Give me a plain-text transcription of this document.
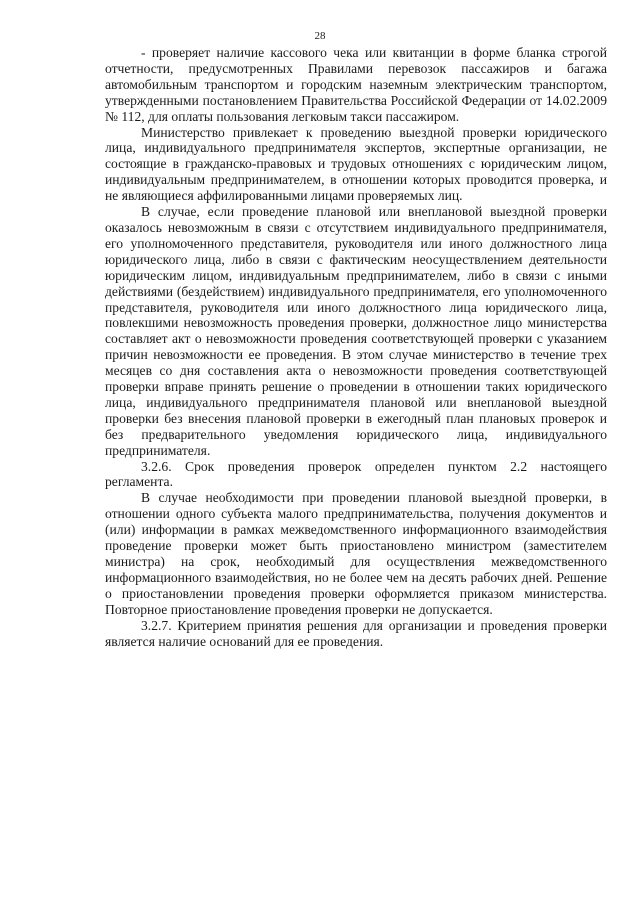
28

- проверяет наличие кассового чека или квитанции в форме бланка строгой отчетности, предусмотренных Правилами перевозок пассажиров и багажа автомобильным транспортом и городским наземным электрическим транспортом, утвержденными постановлением Правительства Российской Федерации от 14.02.2009 № 112, для оплаты пользования легковым такси пассажиром.

Министерство привлекает к проведению выездной проверки юридического лица, индивидуального предпринимателя экспертов, экспертные организации, не состоящие в гражданско-правовых и трудовых отношениях с юридическим лицом, индивидуальным предпринимателем, в отношении которых проводится проверка, и не являющиеся аффилированными лицами проверяемых лиц.

В случае, если проведение плановой или внеплановой выездной проверки оказалось невозможным в связи с отсутствием индивидуального предпринимателя, его уполномоченного представителя, руководителя или иного должностного лица юридического лица, либо в связи с фактическим неосуществлением деятельности юридическим лицом, индивидуальным предпринимателем, либо в связи с иными действиями (бездействием) индивидуального предпринимателя, его уполномоченного представителя, руководителя или иного должностного лица юридического лица, повлекшими невозможность проведения проверки, должностное лицо министерства составляет акт о невозможности проведения соответствующей проверки с указанием причин невозможности ее проведения. В этом случае министерство в течение трех месяцев со дня составления акта о невозможности проведения соответствующей проверки вправе принять решение о проведении в отношении таких юридического лица, индивидуального предпринимателя плановой или внеплановой выездной проверки без внесения плановой проверки в ежегодный план плановых проверок и без предварительного уведомления юридического лица, индивидуального предпринимателя.

3.2.6. Срок проведения проверок определен пунктом 2.2 настоящего регламента.

В случае необходимости при проведении плановой выездной проверки, в отношении одного субъекта малого предпринимательства, получения документов и (или) информации в рамках межведомственного информационного взаимодействия проведение проверки может быть приостановлено министром (заместителем министра) на срок, необходимый для осуществления межведомственного информационного взаимодействия, но не более чем на десять рабочих дней. Решение о приостановлении проведения проверки оформляется приказом министерства. Повторное приостановление проведения проверки не допускается.

3.2.7. Критерием принятия решения для организации и проведения проверки является наличие оснований для ее проведения.
